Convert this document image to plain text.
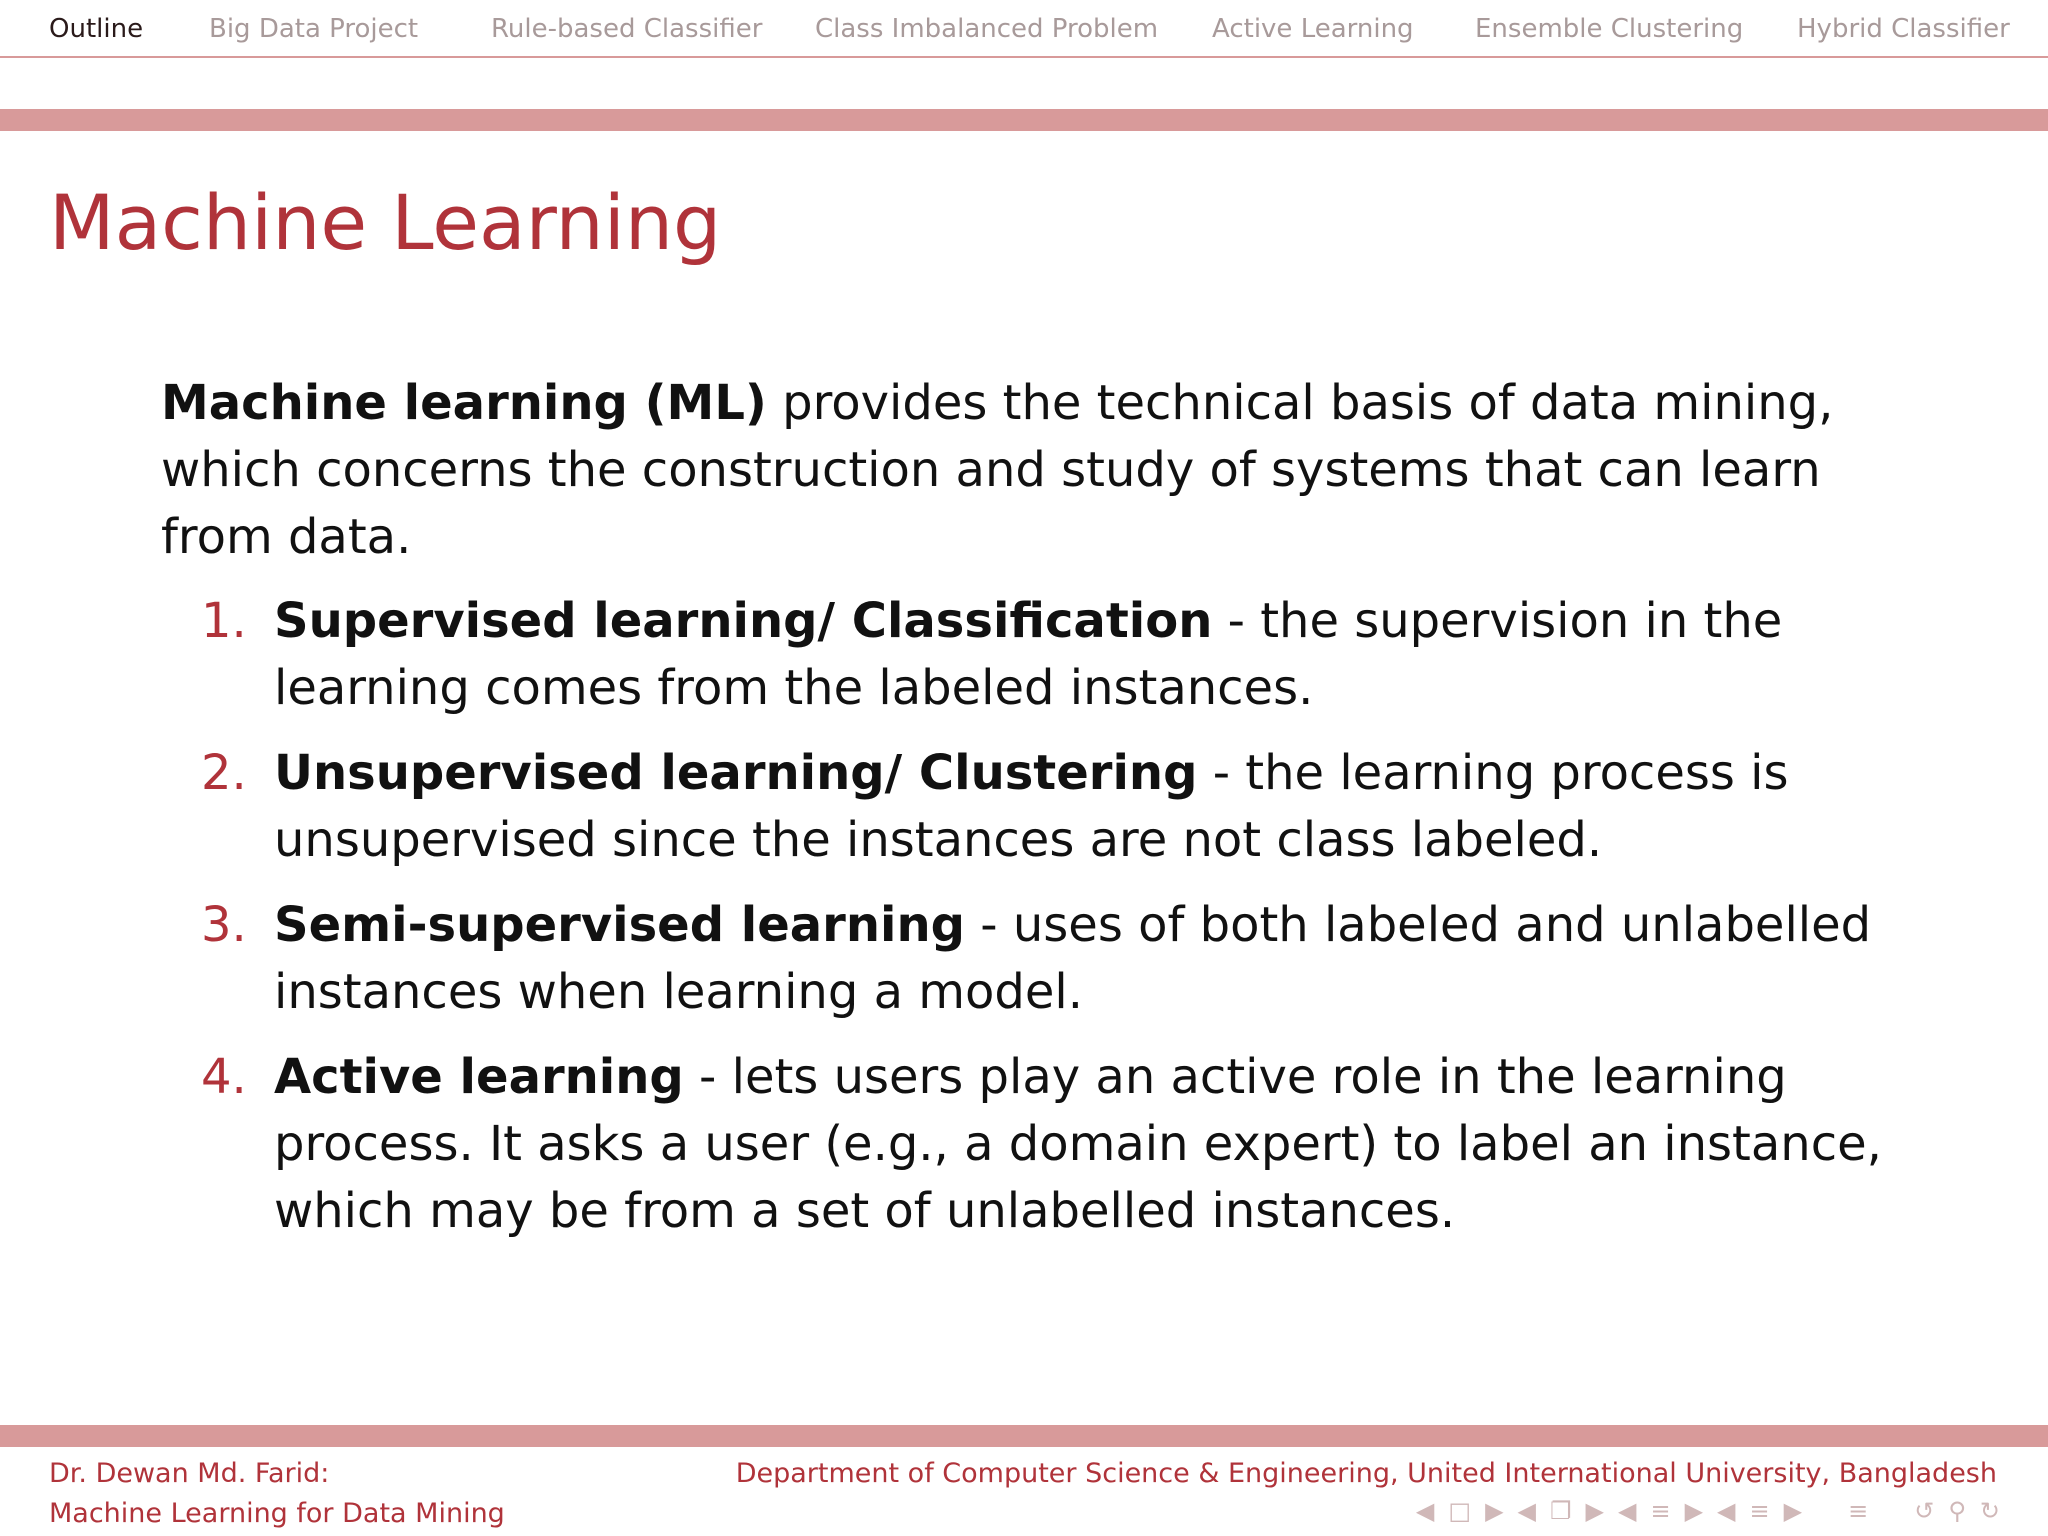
Outline	Big Data Project	Rule-based Classifier Class Imbalanced Problem Active Learning Ensemble Clustering Hybrid Classifier
Machine Learning
Machine learning (ML) provides the technical basis of data mining, which concerns the construction and study of systems that can learn from data.
1. Supervised learning/ Classification - the supervision in the learning comes from the labeled instances.
2. Unsupervised learning/ Clustering - the learning process is unsupervised since the instances are not class labeled.
3. Semi-supervised learning - uses of both labeled and unlabelled instances when learning a model.
4. Active learning - lets users play an active role in the learning process. It asks a user (e.g., a domain expert) to label an instance, which may be from a set of unlabelled instances.
Dr. Dewan Md. Farid:
Machine Learning for Data Mining
Department of Computer Science & Engineering, United International University, Bangladesh
◀ □ ▶ ◀ ❐ ▶ ◀ ≡ ▶ ◀ ≡ ▶ ≡ ↺ ⚲ ↻
